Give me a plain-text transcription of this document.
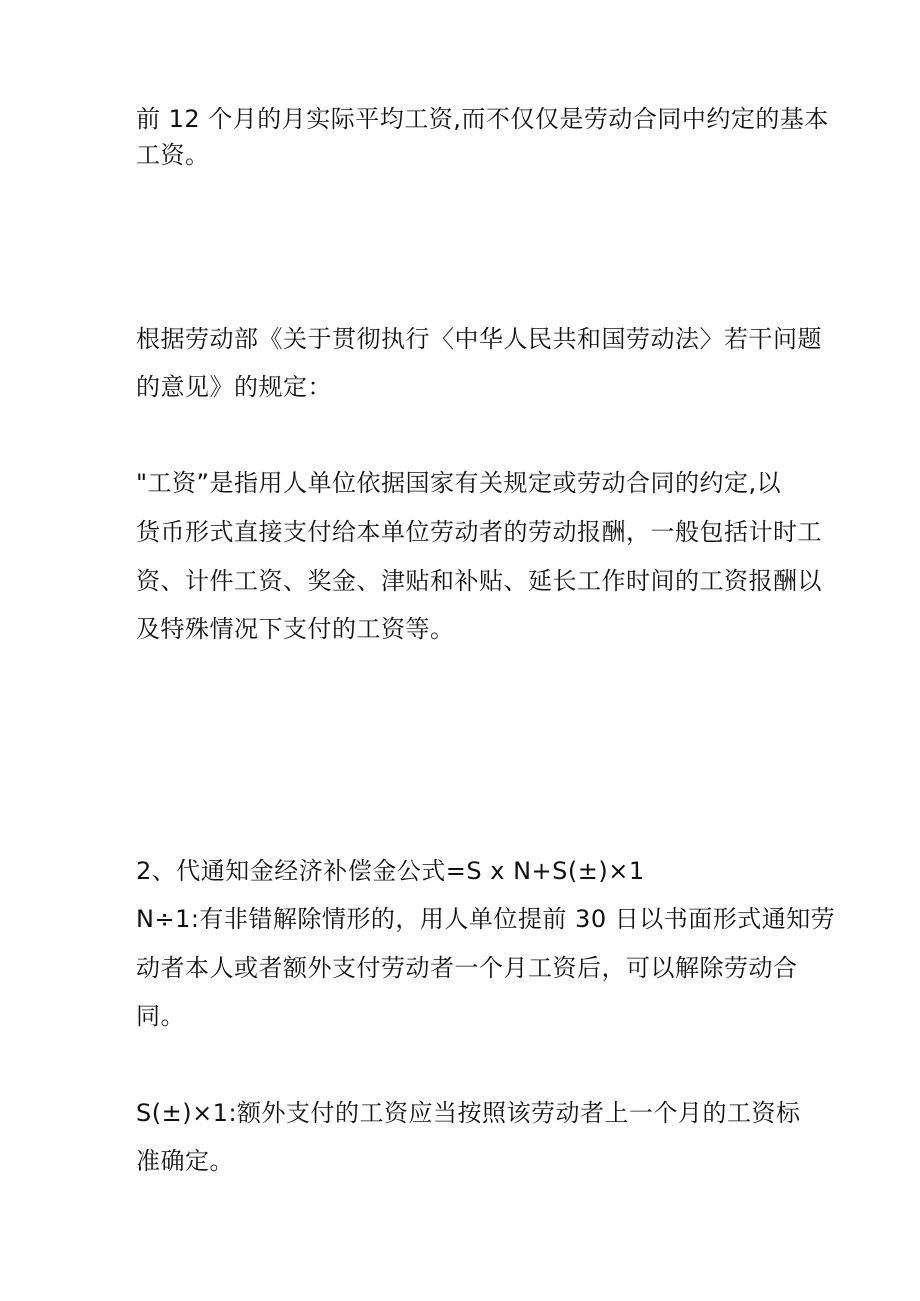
前 12 个月的月实际平均工资,而不仅仅是劳动合同中约定的基本
工资。
根据劳动部《关于贯彻执行〈中华人民共和国劳动法〉若干问题
的意见》的规定：
"工资”是指用人单位依据国家有关规定或劳动合同的约定,以
货币形式直接支付给本单位劳动者的劳动报酬，一般包括计时工
资、计件工资、奖金、津贴和补贴、延长工作时间的工资报酬以
及特殊情况下支付的工资等。
2、代通知金经济补偿金公式=S x N+S(±)×1
N÷1:有非错解除情形的，用人单位提前 30 日以书面形式通知劳
动者本人或者额外支付劳动者一个月工资后，可以解除劳动合
同。
S(±)×1:额外支付的工资应当按照该劳动者上一个月的工资标
准确定。
